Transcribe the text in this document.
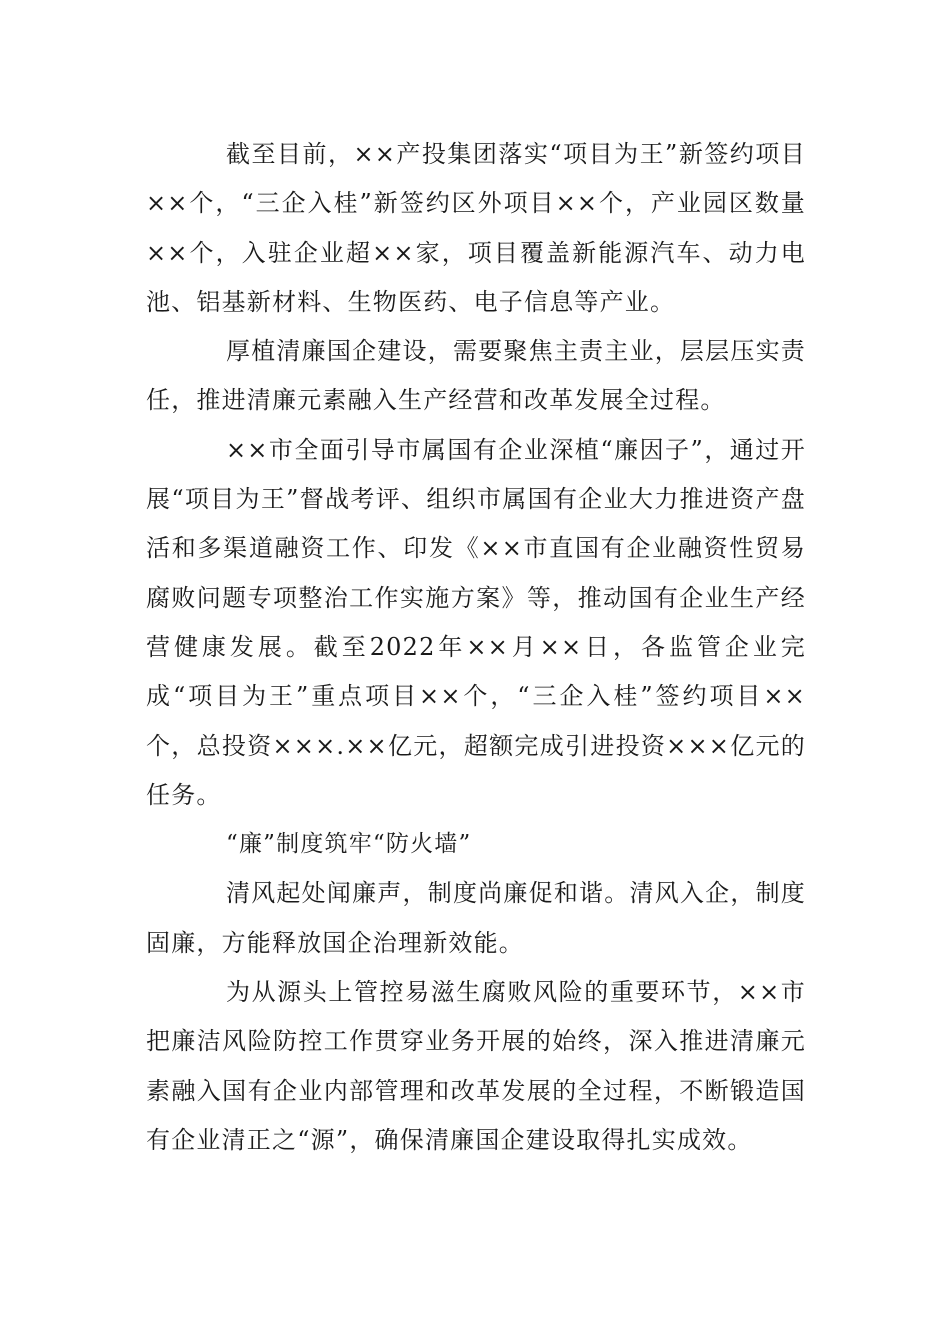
截至目前，××产投集团落实“项目为王”新签约项目××个，“三企入桂”新签约区外项目××个，产业园区数量××个，入驻企业超××家，项目覆盖新能源汽车、动力电池、铝基新材料、生物医药、电子信息等产业。

厚植清廉国企建设，需要聚焦主责主业，层层压实责任，推进清廉元素融入生产经营和改革发展全过程。

××市全面引导市属国有企业深植“廉因子”，通过开展“项目为王”督战考评、组织市属国有企业大力推进资产盘活和多渠道融资工作、印发《××市直国有企业融资性贸易腐败问题专项整治工作实施方案》等，推动国有企业生产经营健康发展。截至2022年××月××日，各监管企业完成“项目为王”重点项目××个，“三企入桂”签约项目××个，总投资×××.××亿元，超额完成引进投资×××亿元的任务。

“廉”制度筑牢“防火墙”

清风起处闻廉声，制度尚廉促和谐。清风入企，制度固廉，方能释放国企治理新效能。

为从源头上管控易滋生腐败风险的重要环节，××市把廉洁风险防控工作贯穿业务开展的始终，深入推进清廉元素融入国有企业内部管理和改革发展的全过程，不断锻造国有企业清正之“源”，确保清廉国企建设取得扎实成效。
